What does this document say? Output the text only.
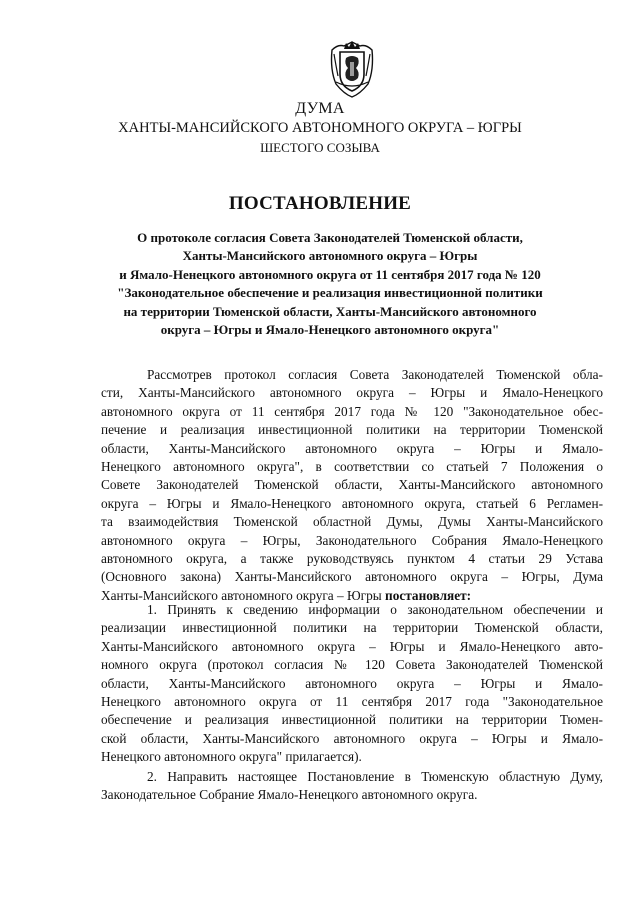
ДУМА
ХАНТЫ-МАНСИЙСКОГО АВТОНОМНОГО ОКРУГА – ЮГРЫ
ШЕСТОГО СОЗЫВА
ПОСТАНОВЛЕНИЕ
О протоколе согласия Совета Законодателей Тюменской области,
Ханты-Мансийского автономного округа – Югры
и Ямало-Ненецкого автономного округа от 11 сентября 2017 года № 120
"Законодательное обеспечение и реализация инвестиционной политики
на территории Тюменской области, Ханты-Мансийского автономного
округа – Югры и Ямало-Ненецкого автономного округа"
Рассмотрев протокол согласия Совета Законодателей Тюменской обла-
сти, Ханты-Мансийского автономного округа – Югры и Ямало-Ненецкого
автономного округа от 11 сентября 2017 года № 120 "Законодательное обес-
печение и реализация инвестиционной политики на территории Тюменской
области, Ханты-Мансийского автономного округа – Югры и Ямало-
Ненецкого автономного округа", в соответствии со статьей 7 Положения о
Совете Законодателей Тюменской области, Ханты-Мансийского автономного
округа – Югры и Ямало-Ненецкого автономного округа, статьей 6 Регламен-
та взаимодействия Тюменской областной Думы, Думы Ханты-Мансийского
автономного округа – Югры, Законодательного Собрания Ямало-Ненецкого
автономного округа, а также руководствуясь пунктом 4 статьи 29 Устава
(Основного закона) Ханты-Мансийского автономного округа – Югры, Дума
Ханты-Мансийского автономного округа – Югры постановляет:
1. Принять к сведению информации о законодательном обеспечении и
реализации инвестиционной политики на территории Тюменской области,
Ханты-Мансийского автономного округа – Югры и Ямало-Ненецкого авто-
номного округа (протокол согласия № 120 Совета Законодателей Тюменской
области, Ханты-Мансийского автономного округа – Югры и Ямало-
Ненецкого автономного округа от 11 сентября 2017 года "Законодательное
обеспечение и реализация инвестиционной политики на территории Тюмен-
ской области, Ханты-Мансийского автономного округа – Югры и Ямало-
Ненецкого автономного округа" прилагается).
2. Направить настоящее Постановление в Тюменскую областную Думу,
Законодательное Собрание Ямало-Ненецкого автономного округа.
